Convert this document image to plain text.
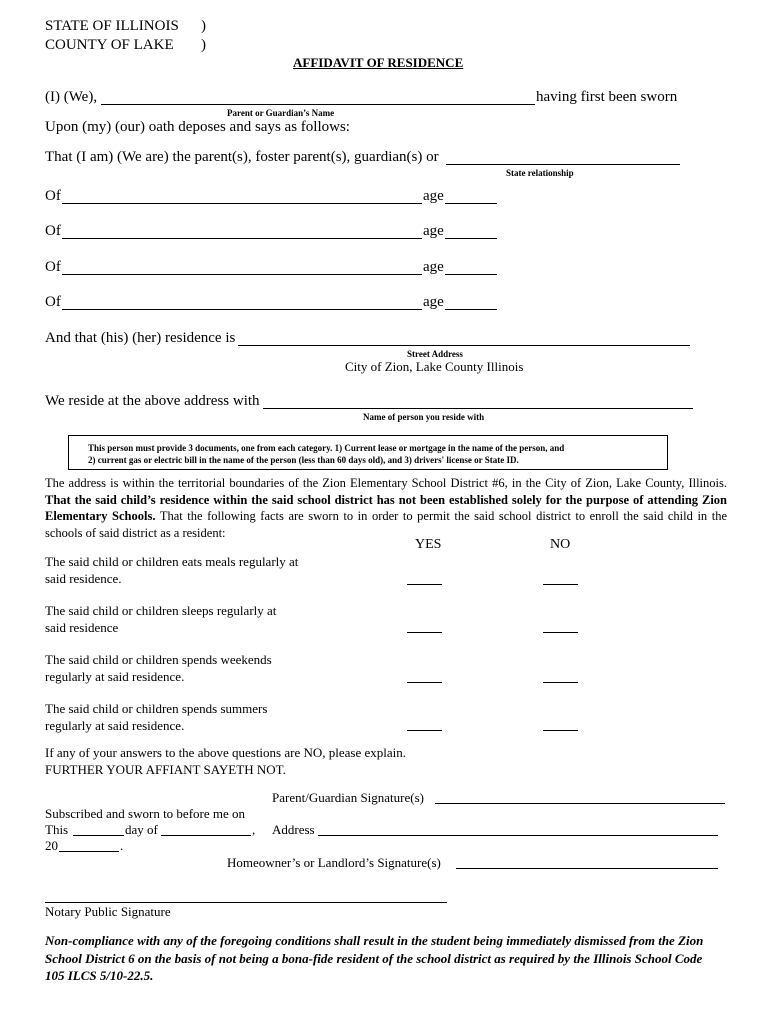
STATE OF ILLINOIS )
COUNTY OF LAKE )
AFFIDAVIT OF RESIDENCE
(I) (We),	having first been sworn
Parent or Guardian’s Name
Upon (my) (our) oath deposes and says as follows:
That (I am) (We are) the parent(s), foster parent(s), guardian(s) or
State relationship
Of	age
Of	age
Of	age
Of	age
And that (his) (her) residence is
Street Address
City of Zion, Lake County Illinois
We reside at the above address with
Name of person you reside with
This person must provide 3 documents, one from each category. 1) Current lease or mortgage in the name of the person, and
2) current gas or electric bill in the name of the person (less than 60 days old), and 3) drivers' license or State ID.
The address is within the territorial boundaries of the Zion Elementary School District #6, in the City of Zion, Lake County, Illinois. That the said child’s residence within the said school district has not been established solely for the purpose of attending Zion Elementary Schools. That the following facts are sworn to in order to permit the said school district to enroll the said child in the schools of said district as a resident:
YES	NO
The said child or children eats meals regularly at
said residence.
The said child or children sleeps regularly at
said residence
The said child or children spends weekends
regularly at said residence.
The said child or children spends summers
regularly at said residence.
If any of your answers to the above questions are NO, please explain.
FURTHER YOUR AFFIANT SAYETH NOT.
Parent/Guardian Signature(s)
Subscribed and sworn to before me on
This	day of	, Address
20	.
Homeowner’s or Landlord’s Signature(s)
Notary Public Signature
Non-compliance with any of the foregoing conditions shall result in the student being immediately dismissed from the Zion School District 6 on the basis of not being a bona-fide resident of the school district as required by the Illinois School Code 105 ILCS 5/10-22.5.
